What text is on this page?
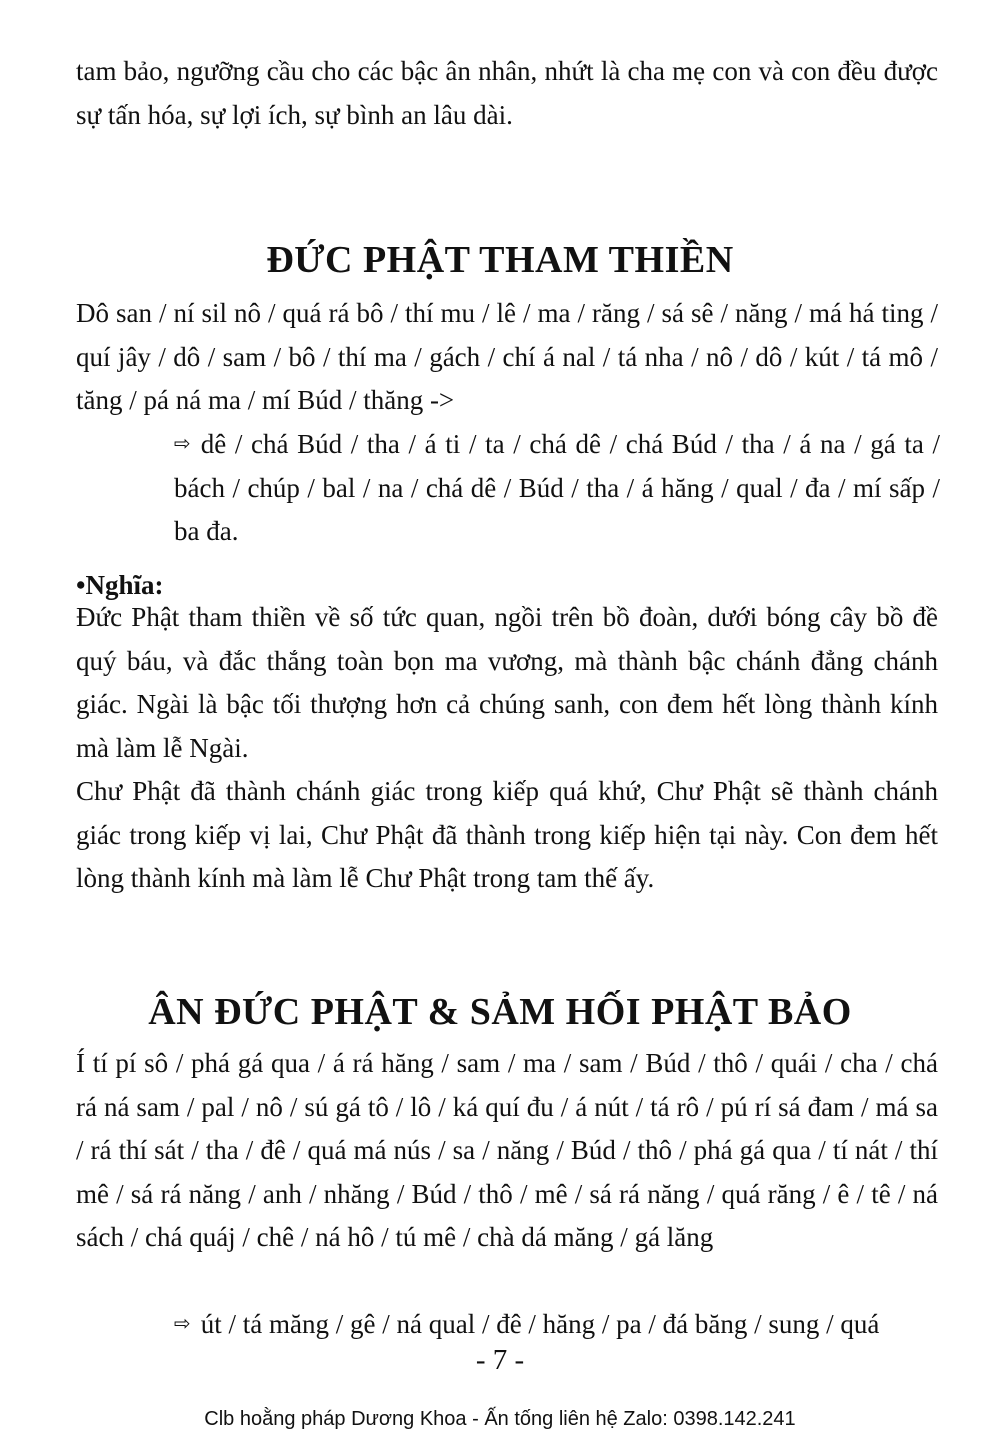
tam bảo, ngưỡng cầu cho các bậc ân nhân, nhứt là cha mẹ con và con đều được sự tấn hóa, sự lợi ích, sự bình an lâu dài.

ĐỨC PHẬT THAM THIỀN

Dô san / ní sil nô / quá rá bô / thí mu / lê / ma / răng / sá sê / năng / má há ting / quí jây / dô / sam / bô / thí ma / gách / chí á nal / tá nha / nô / dô / kút / tá mô / tăng / pá ná ma / mí Búd / thăng ->

⇨ dê / chá Búd / tha / á ti / ta / chá dê / chá Búd / tha / á na / gá ta / bách / chúp / bal / na / chá dê / Búd / tha / á hăng / qual / đa / mí sấp / ba đa.

•Nghĩa:

Đức Phật tham thiền về số tức quan, ngồi trên bồ đoàn, dưới bóng cây bồ đề quý báu, và đắc thắng toàn bọn ma vương, mà thành bậc chánh đẳng chánh giác. Ngài là bậc tối thượng hơn cả chúng sanh, con đem hết lòng thành kính mà làm lễ Ngài.

Chư Phật đã thành chánh giác trong kiếp quá khứ, Chư Phật sẽ thành chánh giác trong kiếp vị lai, Chư Phật đã thành trong kiếp hiện tại này. Con đem hết lòng thành kính mà làm lễ Chư Phật trong tam thế ấy.

ÂN ĐỨC PHẬT & SẢM HỐI PHẬT BẢO

Í tí pí sô / phá gá qua / á rá hăng / sam / ma / sam / Búd / thô / quái / cha / chá rá ná sam / pal / nô / sú gá tô / lô / ká quí đu / á nút / tá rô / pú rí sá đam / má sa / rá thí sát / tha / đê / quá má nús / sa / năng / Búd / thô / phá gá qua / tí nát / thí mê / sá rá năng / anh / nhăng / Búd / thô / mê / sá rá năng / quá răng / ê / tê / ná sách / chá quáj / chê / ná hô / tú mê / chà dá măng / gá lăng

⇨ út / tá măng / gê / ná qual / đê / hăng / pa / đá băng / sung / quá

- 7 -
Clb hoằng pháp Dương Khoa - Ấn tống liên hệ Zalo: 0398.142.241
